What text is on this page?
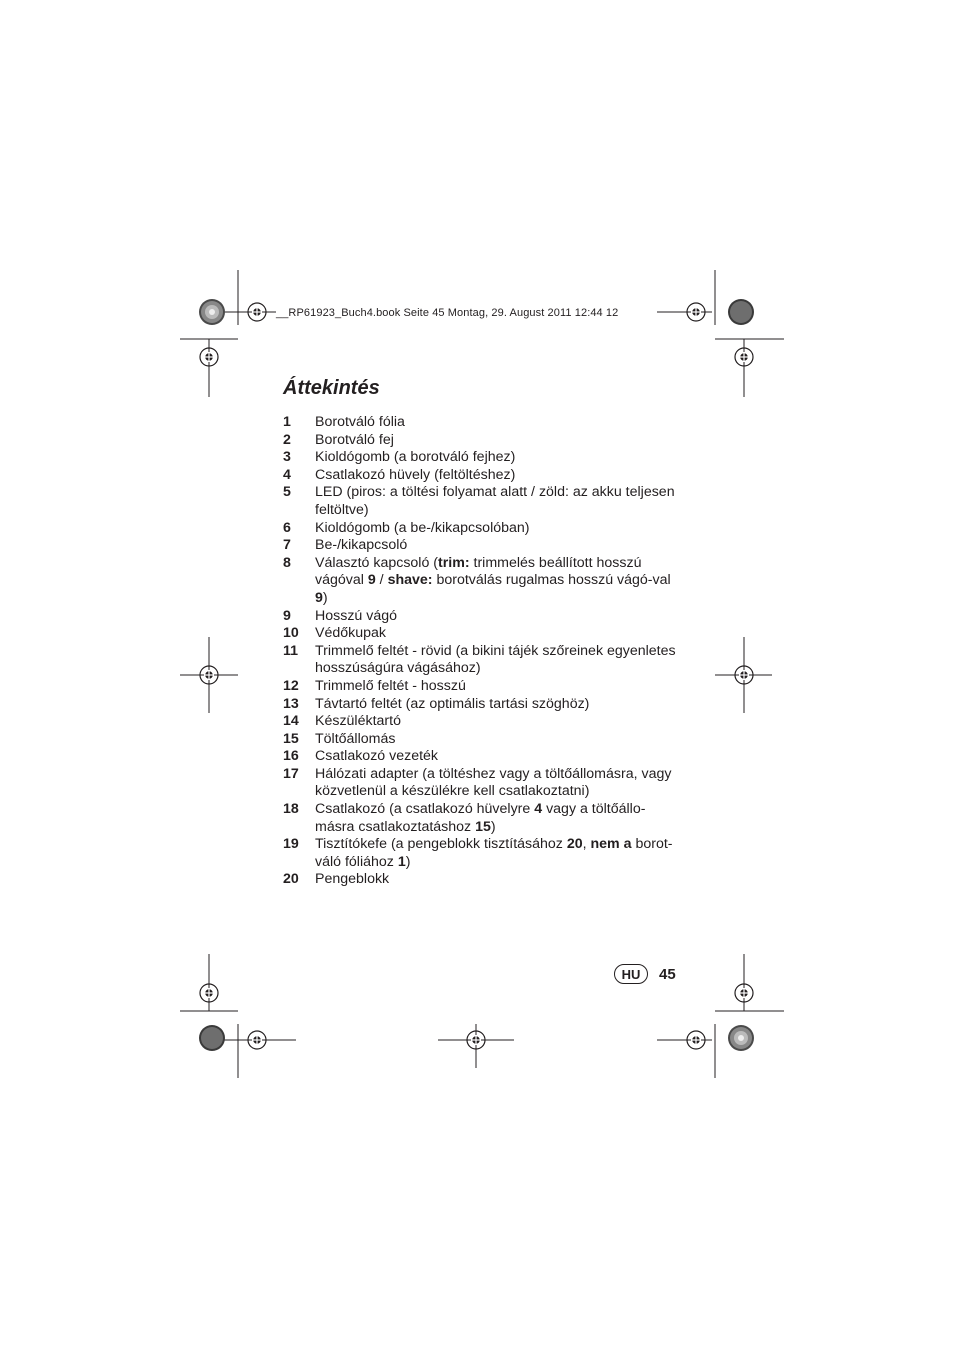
__RP61923_Buch4.book Seite 45 Montag, 29. August 2011 12:44 12
Áttekintés
1 Borotváló fólia
2 Borotváló fej
3 Kioldógomb (a borotváló fejhez)
4 Csatlakozó hüvely (feltöltéshez)
5 LED (piros: a töltési folyamat alatt / zöld: az akku teljesen feltöltve)
6 Kioldógomb (a be-/kikapcsolóban)
7 Be-/kikapcsoló
8 Választó kapcsoló (trim: trimmelés beállított hosszú vágóval 9 / shave: borotválás rugalmas hosszú vágó-val 9)
9 Hosszú vágó
10 Védőkupak
11 Trimmelő feltét - rövid (a bikini tájék szőreinek egyenletes hosszúságúra vágásához)
12 Trimmelő feltét - hosszú
13 Távtartó feltét (az optimális tartási szöghöz)
14 Készüléktartó
15 Töltőállomás
16 Csatlakozó vezeték
17 Hálózati adapter (a töltéshez vagy a töltőállomásra, vagy közvetlenül a készülékre kell csatlakoztatni)
18 Csatlakozó (a csatlakozó hüvelyre 4 vagy a töltőállo-másra csatlakoztatáshoz 15)
19 Tisztítókefe (a pengeblokk tisztításához 20, nem a borot-váló fóliához 1)
20 Pengeblokk
HU	45
